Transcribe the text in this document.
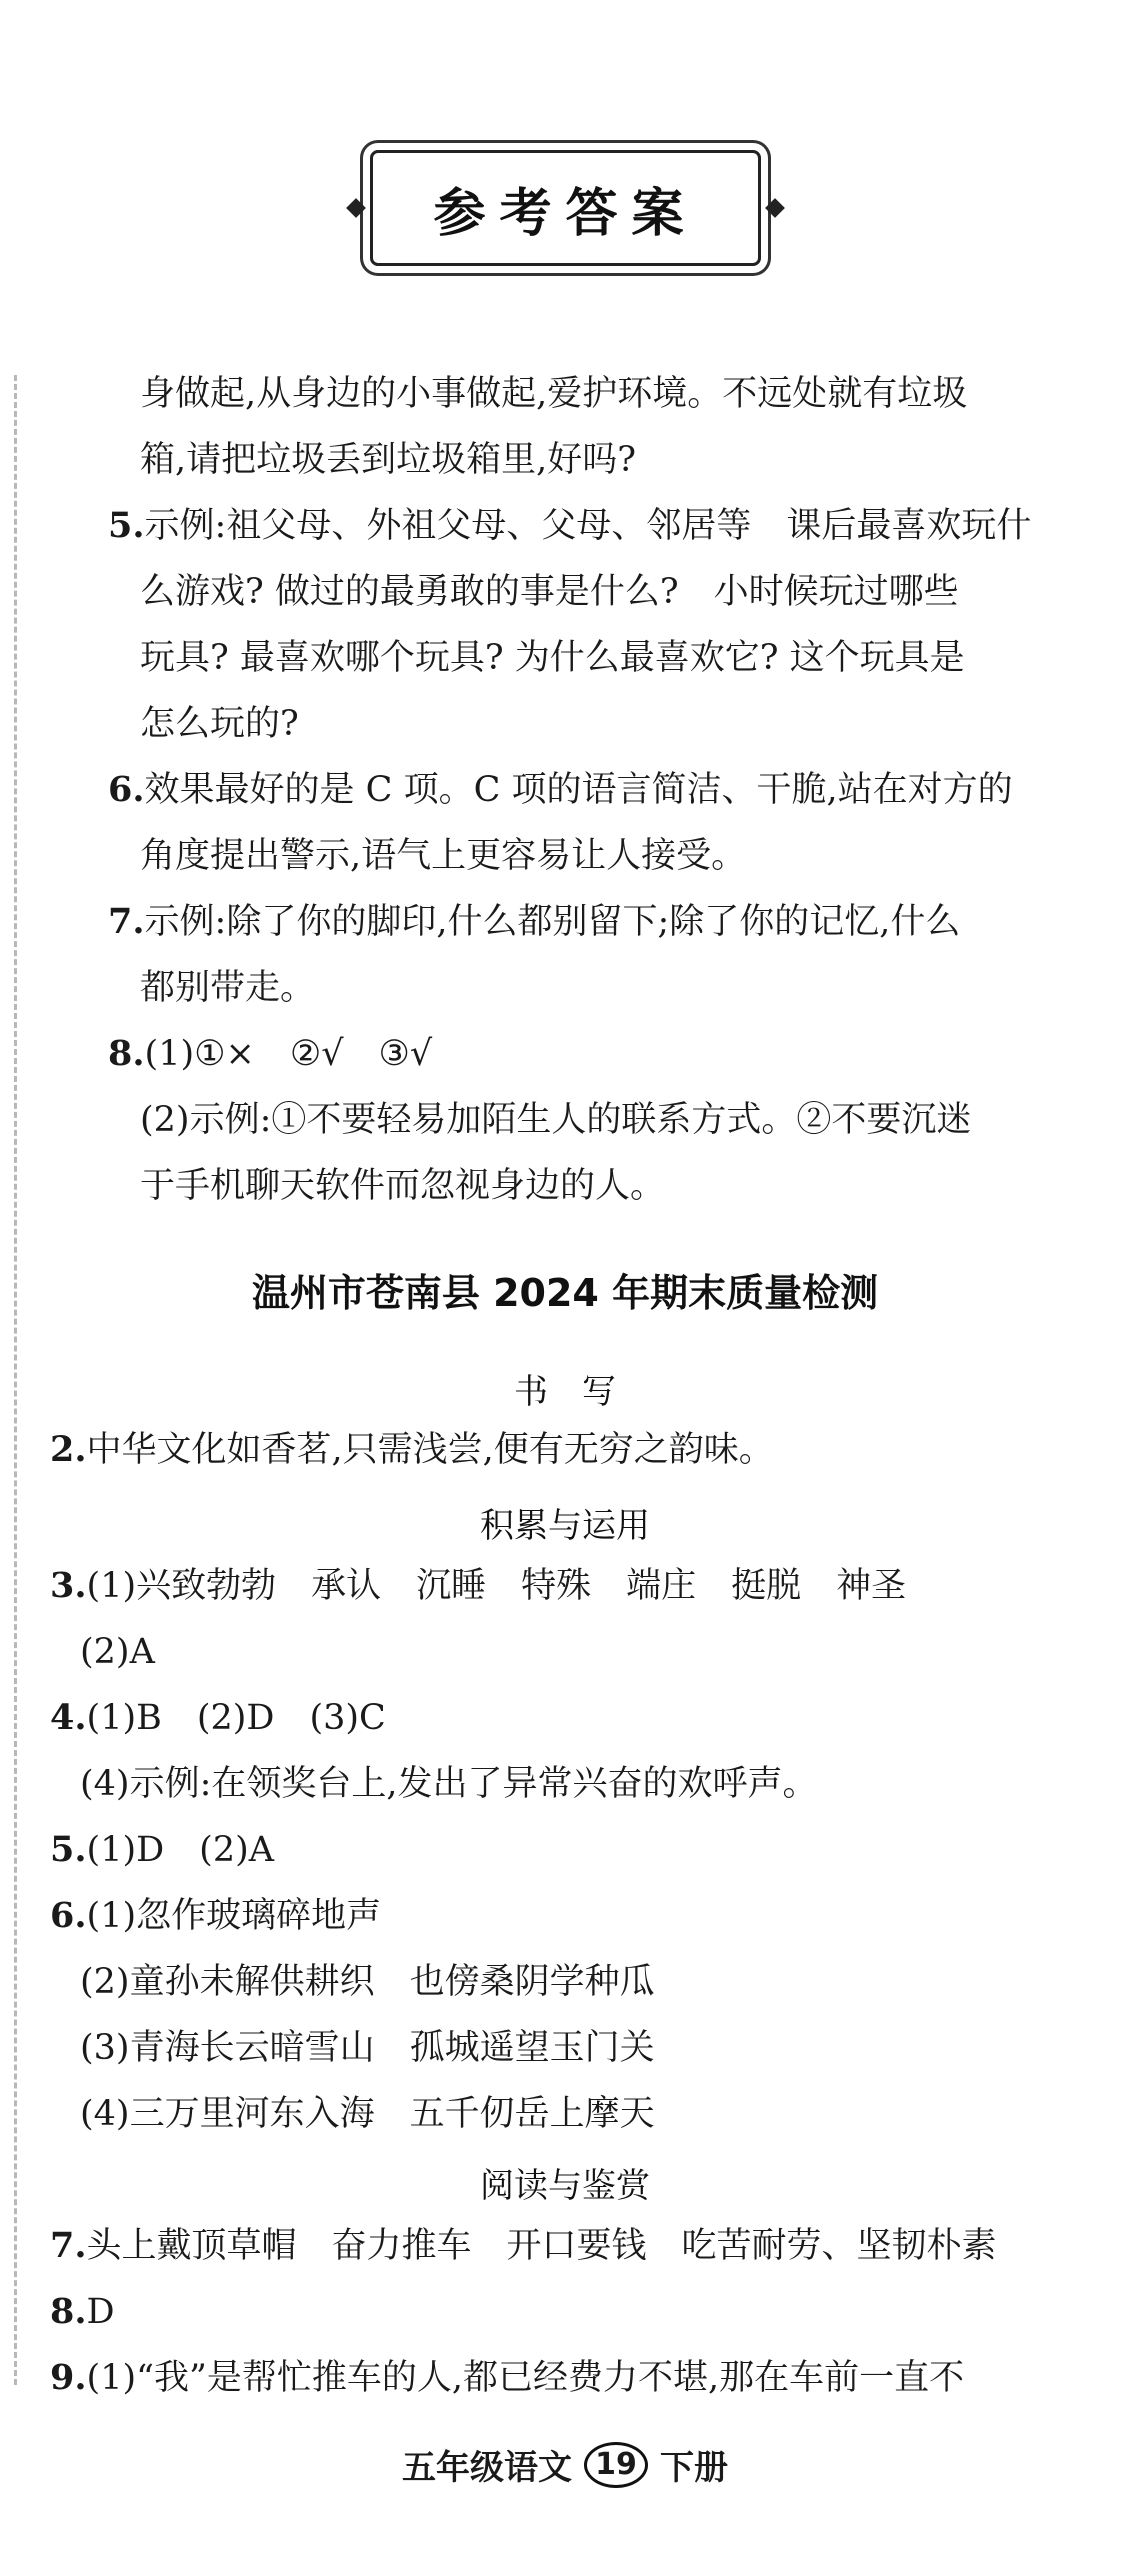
参考答案
身做起,从身边的小事做起,爱护环境。不远处就有垃圾
箱,请把垃圾丢到垃圾箱里,好吗?
5.示例:祖父母、外祖父母、父母、邻居等　课后最喜欢玩什
么游戏? 做过的最勇敢的事是什么?　小时候玩过哪些
玩具? 最喜欢哪个玩具? 为什么最喜欢它? 这个玩具是
怎么玩的?
6.效果最好的是 C 项。C 项的语言简洁、干脆,站在对方的
角度提出警示,语气上更容易让人接受。
7.示例:除了你的脚印,什么都别留下;除了你的记忆,什么
都别带走。
8.(1)①×　②√　③√
(2)示例:①不要轻易加陌生人的联系方式。②不要沉迷
于手机聊天软件而忽视身边的人。
温州市苍南县 2024 年期末质量检测
书　写
2.中华文化如香茗,只需浅尝,便有无穷之韵味。
积累与运用
3.(1)兴致勃勃　承认　沉睡　特殊　端庄　挺脱　神圣
(2)A
4.(1)B　(2)D　(3)C
(4)示例:在领奖台上,发出了异常兴奋的欢呼声。
5.(1)D　(2)A
6.(1)忽作玻璃碎地声
(2)童孙未解供耕织　也傍桑阴学种瓜
(3)青海长云暗雪山　孤城遥望玉门关
(4)三万里河东入海　五千仞岳上摩天
阅读与鉴赏
7.头上戴顶草帽　奋力推车　开口要钱　吃苦耐劳、坚韧朴素
8.D
9.(1)“我”是帮忙推车的人,都已经费力不堪,那在车前一直不
五年级语文 19 下册
